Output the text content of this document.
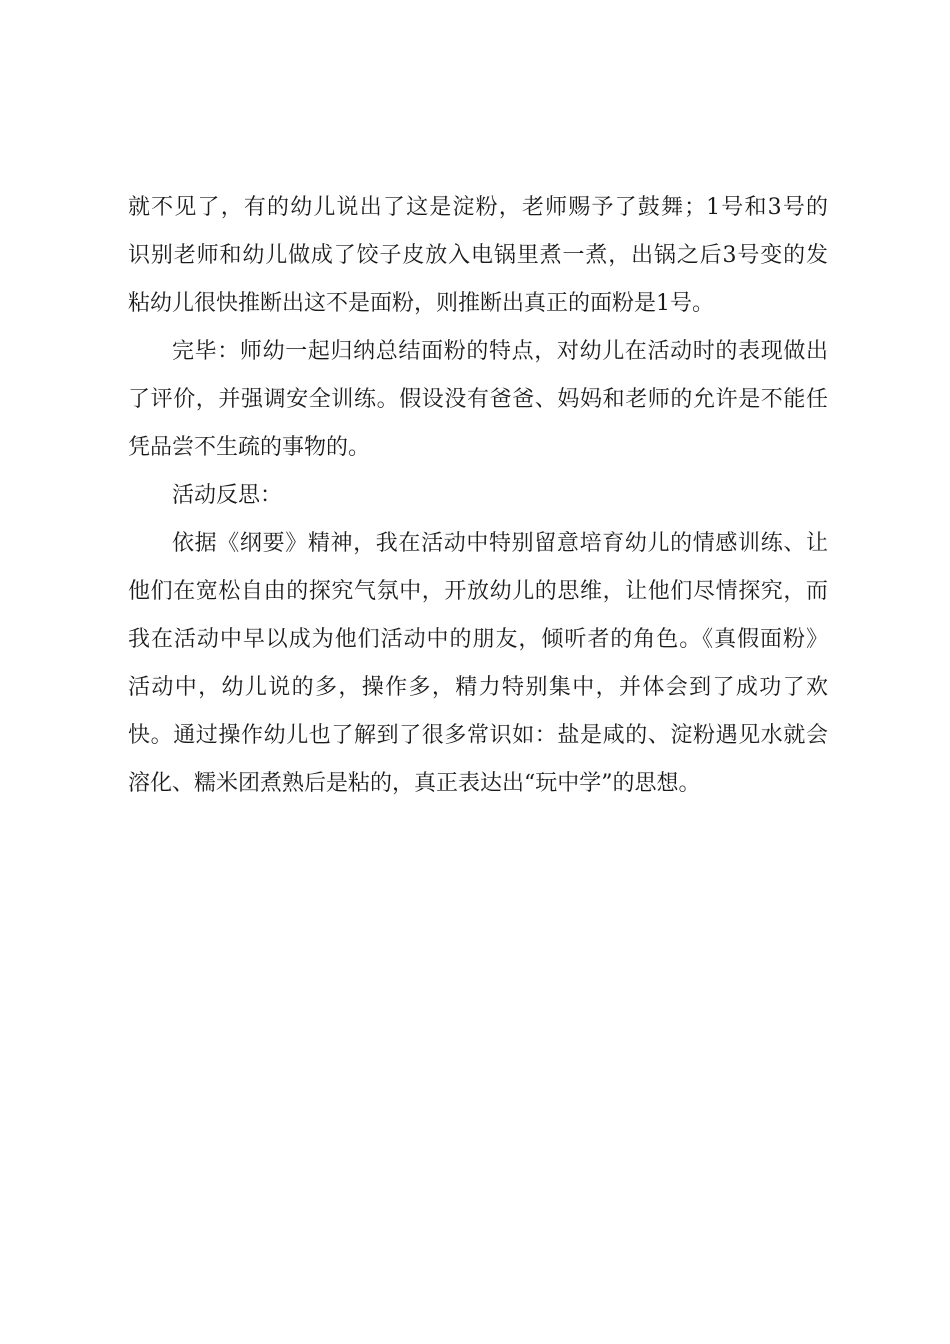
就不见了，有的幼儿说出了这是淀粉，老师赐予了鼓舞；1号和3号的
识别老师和幼儿做成了饺子皮放入电锅里煮一煮，出锅之后3号变的发
粘幼儿很快推断出这不是面粉，则推断出真正的面粉是1号。
完毕：师幼一起归纳总结面粉的特点，对幼儿在活动时的表现做出
了评价，并强调安全训练。假设没有爸爸、妈妈和老师的允许是不能任
凭品尝不生疏的事物的。
活动反思：
依据《纲要》精神，我在活动中特别留意培育幼儿的情感训练、让
他们在宽松自由的探究气氛中，开放幼儿的思维，让他们尽情探究，而
我在活动中早以成为他们活动中的朋友，倾听者的角色。《真假面粉》
活动中，幼儿说的多，操作多，精力特别集中，并体会到了成功了欢
快。通过操作幼儿也了解到了很多常识如：盐是咸的、淀粉遇见水就会
溶化、糯米团煮熟后是粘的，真正表达出“玩中学”的思想。
